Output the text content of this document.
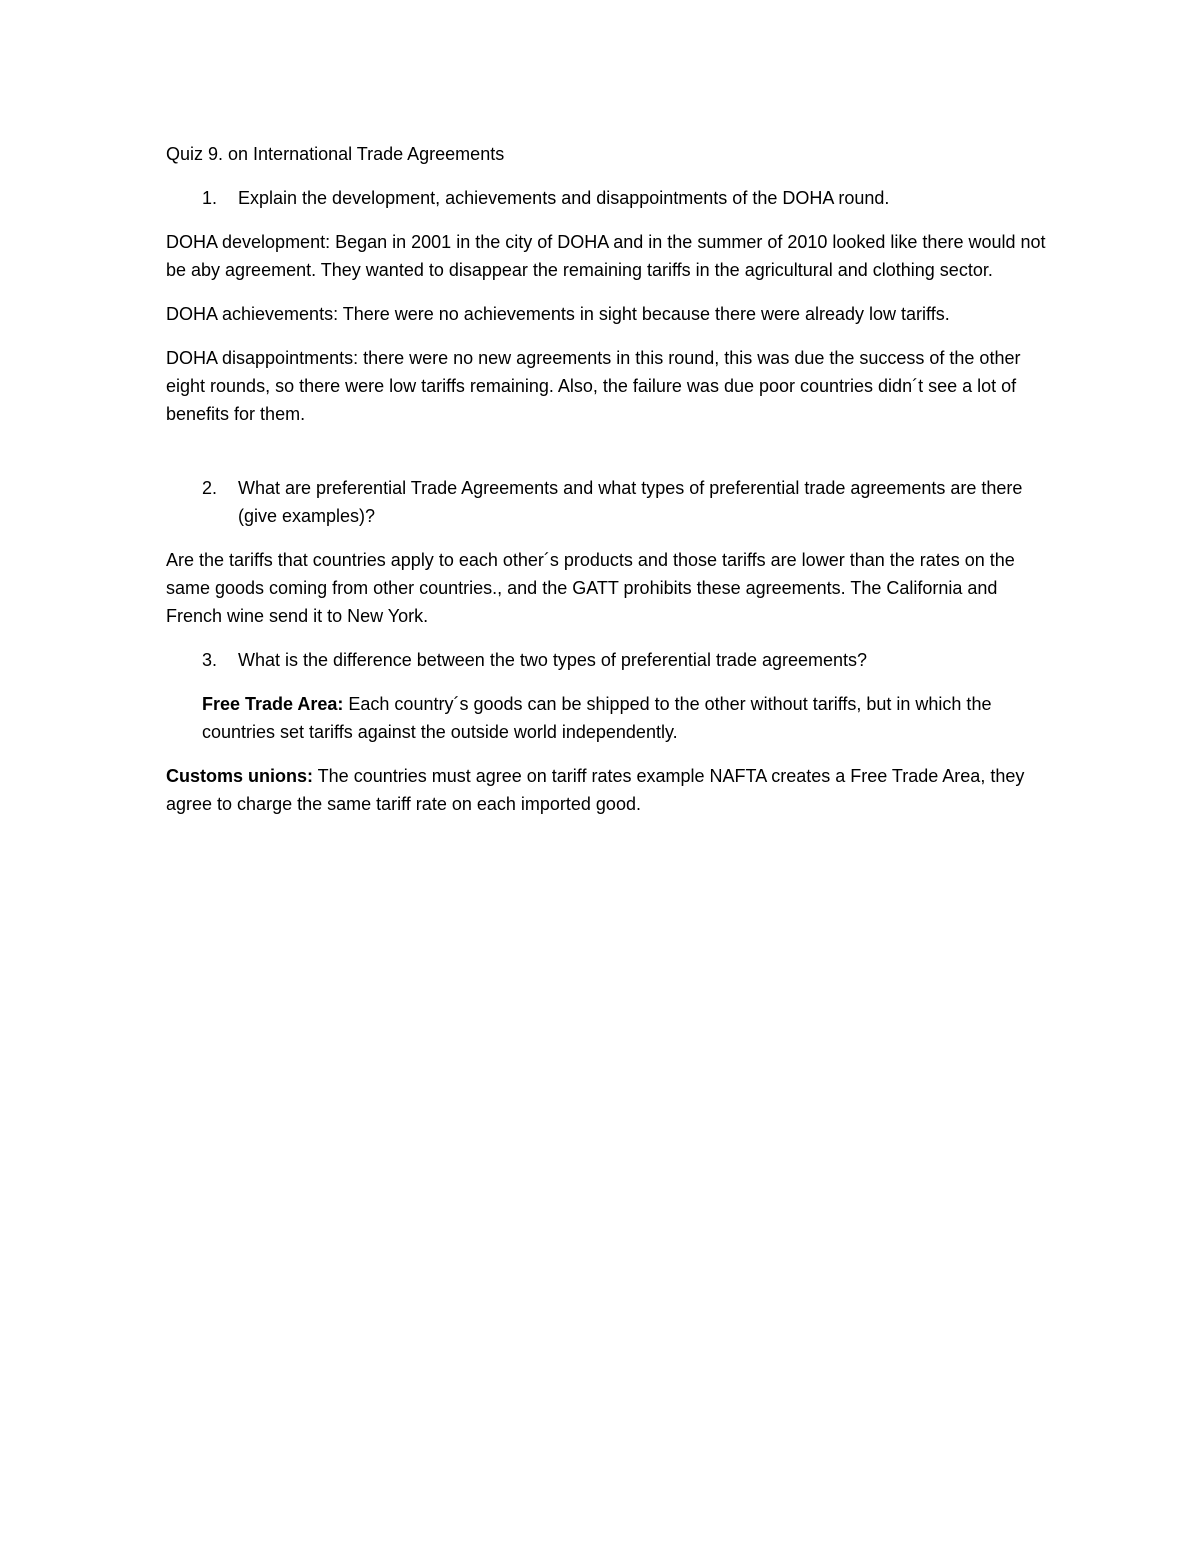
Quiz 9. on International Trade Agreements

1.	Explain the development, achievements and disappointments of the DOHA round.

DOHA development: Began in 2001 in the city of DOHA and in the summer of 2010 looked like there would not be aby agreement. They wanted to disappear the remaining tariffs in the agricultural and clothing sector.

DOHA achievements: There were no achievements in sight because there were already low tariffs.

DOHA disappointments: there were no new agreements in this round, this was due the success of the other eight rounds, so there were low tariffs remaining. Also, the failure was due poor countries didn´t see a lot of benefits for them.

2.	What are preferential Trade Agreements and what types of preferential trade agreements are there (give examples)?

Are the tariffs that countries apply to each other´s products and those tariffs are lower than the rates on the same goods coming from other countries., and the GATT prohibits these agreements. The California and French wine send it to New York.

3.	What is the difference between the two types of preferential trade agreements?

Free Trade Area: Each country´s goods can be shipped to the other without tariffs, but in which the countries set tariffs against the outside world independently.

Customs unions: The countries must agree on tariff rates example NAFTA creates a Free Trade Area, they agree to charge the same tariff rate on each imported good.
